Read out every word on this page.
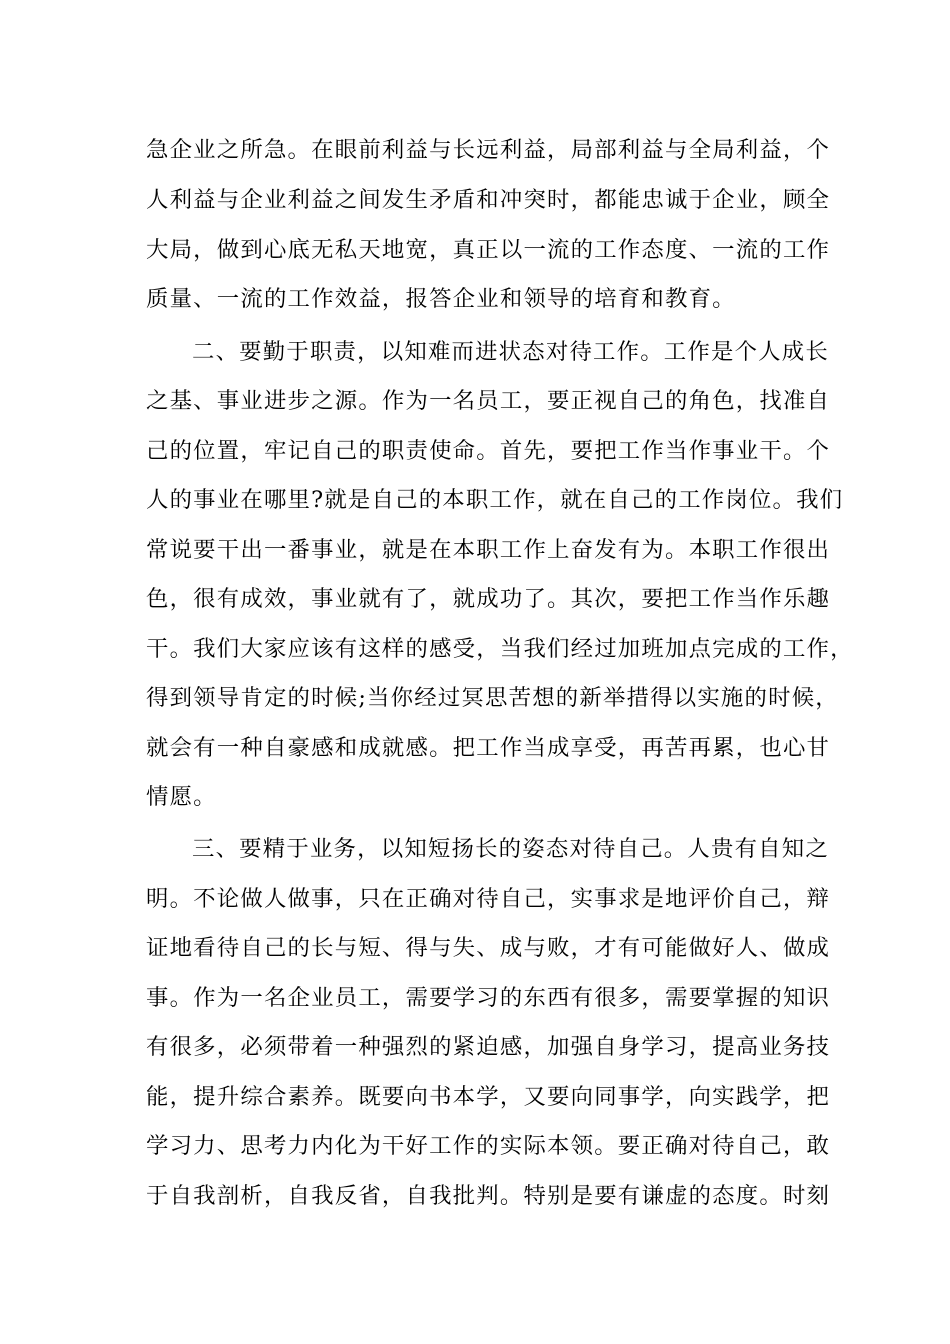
急企业之所急。在眼前利益与长远利益，局部利益与全局利益，个
人利益与企业利益之间发生矛盾和冲突时，都能忠诚于企业，顾全
大局，做到心底无私天地宽，真正以一流的工作态度、一流的工作
质量、一流的工作效益，报答企业和领导的培育和教育。
二、要勤于职责，以知难而进状态对待工作。工作是个人成长
之基、事业进步之源。作为一名员工，要正视自己的角色，找准自
己的位置，牢记自己的职责使命。首先，要把工作当作事业干。个
人的事业在哪里?就是自己的本职工作，就在自己的工作岗位。我们
常说要干出一番事业，就是在本职工作上奋发有为。本职工作很出
色，很有成效，事业就有了，就成功了。其次，要把工作当作乐趣
干。我们大家应该有这样的感受，当我们经过加班加点完成的工作，
得到领导肯定的时候;当你经过冥思苦想的新举措得以实施的时候，
就会有一种自豪感和成就感。把工作当成享受，再苦再累，也心甘
情愿。
三、要精于业务，以知短扬长的姿态对待自己。人贵有自知之
明。不论做人做事，只在正确对待自己，实事求是地评价自己，辩
证地看待自己的长与短、得与失、成与败，才有可能做好人、做成
事。作为一名企业员工，需要学习的东西有很多，需要掌握的知识
有很多，必须带着一种强烈的紧迫感，加强自身学习，提高业务技
能，提升综合素养。既要向书本学，又要向同事学，向实践学，把
学习力、思考力内化为干好工作的实际本领。要正确对待自己，敢
于自我剖析，自我反省，自我批判。特别是要有谦虚的态度。时刻
